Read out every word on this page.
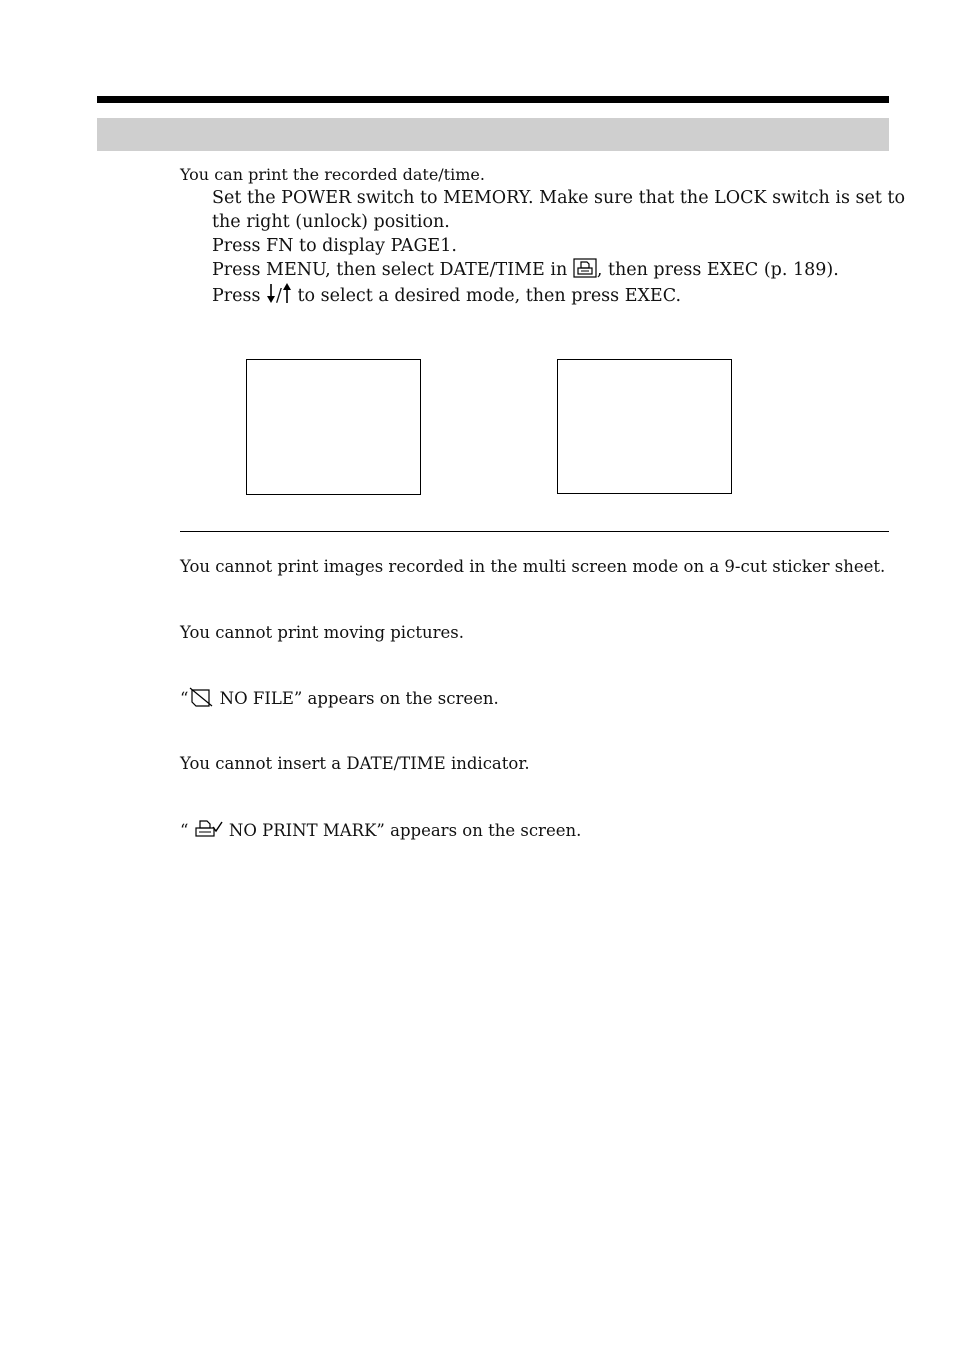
You can print the recorded date/time.
Set the POWER switch to MEMORY. Make sure that the LOCK switch is set to
the right (unlock) position.
Press FN to display PAGE1.
Press MENU, then select DATE/TIME in , then press EXEC (p. 189).
Press / to select a desired mode, then press EXEC.
You cannot print images recorded in the multi screen mode on a 9-cut sticker sheet.
You cannot print moving pictures.
“ NO FILE” appears on the screen.
You cannot insert a DATE/TIME indicator.
“  NO PRINT MARK” appears on the screen.
